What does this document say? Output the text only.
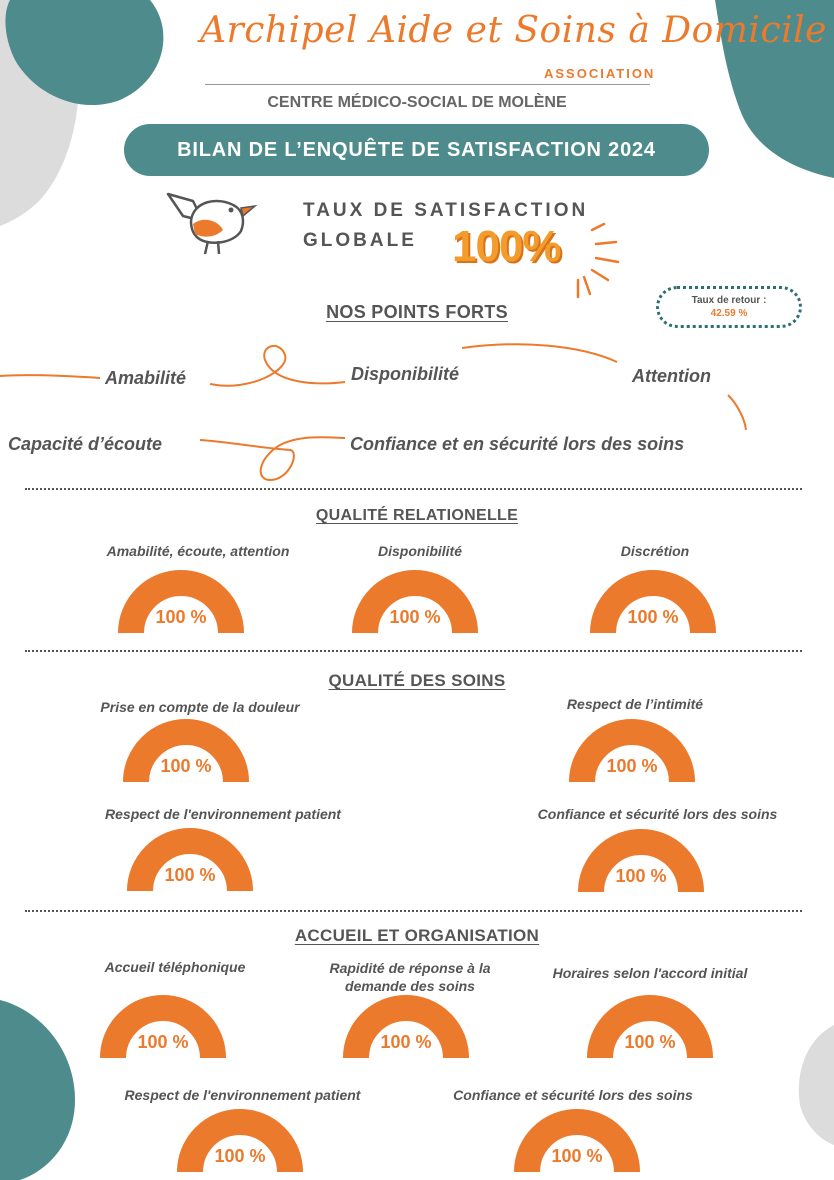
Archipel Aide et Soins à Domicile
ASSOCIATION
CENTRE MÉDICO-SOCIAL DE MOLÈNE
BILAN DE L’ENQUÊTE DE SATISFACTION 2024
TAUX DE SATISFACTION
GLOBALE 100%
Taux de retour :
42.59 %
NOS POINTS FORTS
Amabilité	Disponibilité	Attention
Capacité d’écoute	Confiance et en sécurité lors des soins
QUALITÉ RELATIONELLE
Amabilité, écoute, attention	Disponibilité	Discrétion
100 %	100 %	100 %
QUALITÉ DES SOINS
Prise en compte de la douleur	Respect de l’intimité
100 %	100 %
Respect de l'environnement patient	Confiance et sécurité lors des soins
100 %	100 %
ACCUEIL ET ORGANISATION
Accueil téléphonique	Rapidité de réponse à la
demande des soins
Horaires selon l'accord initial
100 %	100 %	100 %
Respect de l'environnement patient	Confiance et sécurité lors des soins
100 %	100 %
